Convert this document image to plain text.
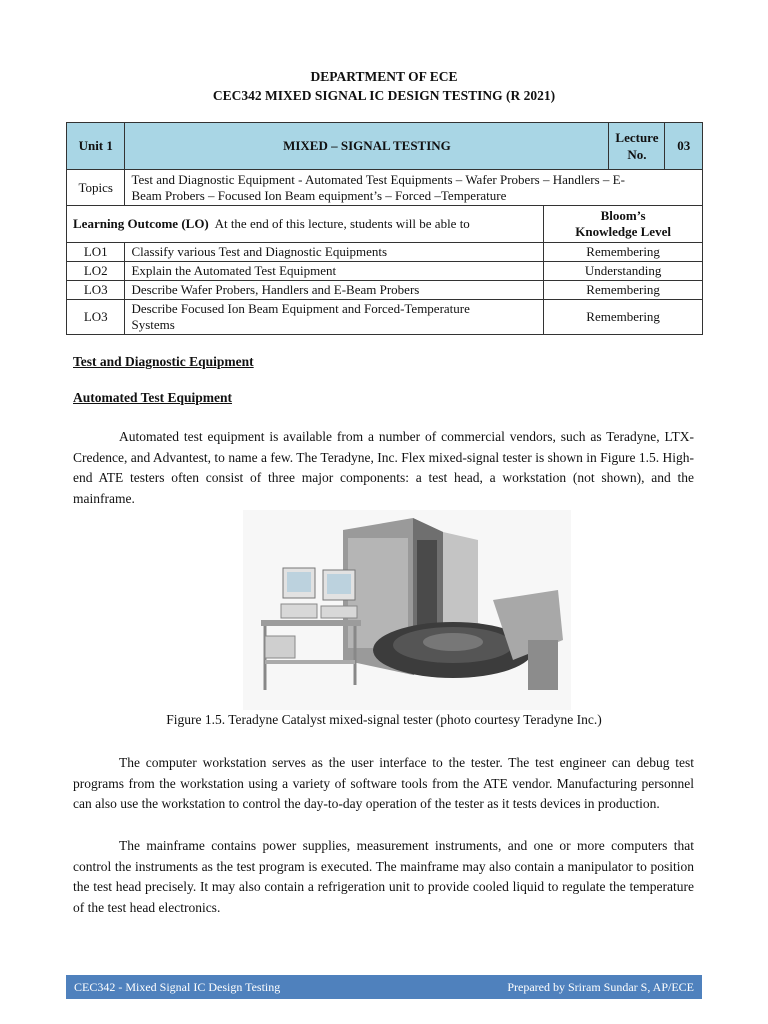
DEPARTMENT OF ECE
CEC342 MIXED SIGNAL IC DESIGN TESTING (R 2021)
Unit 1	MIXED – SIGNAL TESTING		Lecture
No.	03
Topics	Test and Diagnostic Equipment - Automated Test Equipments – Wafer Probers – Handlers – E-
Beam Probers – Focused Ion Beam equipment’s – Forced –Temperature			
Learning Outcome (LO) At the end of this lecture, students will be able to		Bloom’s
Knowledge Level		
LO1	Classify various Test and Diagnostic Equipments	Remembering		
LO2	Explain the Automated Test Equipment	Understanding		
LO3	Describe Wafer Probers, Handlers and E-Beam Probers	Remembering		
LO3	Describe Focused Ion Beam Equipment and Forced-Temperature
Systems	Remembering		
Test and Diagnostic Equipment
Automated Test Equipment

Automated test equipment is available from a number of commercial vendors, such as Teradyne, LTX-Credence, and Advantest, to name a few. The Teradyne, Inc. Flex mixed-signal tester is shown in Figure 1.5. High-end ATE testers often consist of three major components: a test head, a workstation (not shown), and the mainframe.

Figure 1.5. Teradyne Catalyst mixed-signal tester (photo courtesy Teradyne Inc.)

The computer workstation serves as the user interface to the tester. The test engineer can debug test programs from the workstation using a variety of software tools from the ATE vendor. Manufacturing personnel can also use the workstation to control the day-to-day operation of the tester as it tests devices in production.

The mainframe contains power supplies, measurement instruments, and one or more computers that control the instruments as the test program is executed. The mainframe may also contain a manipulator to position the test head precisely. It may also contain a refrigeration unit to provide cooled liquid to regulate the temperature of the test head electronics.

CEC342 - Mixed Signal IC Design Testing	Prepared by Sriram Sundar S, AP/ECE
